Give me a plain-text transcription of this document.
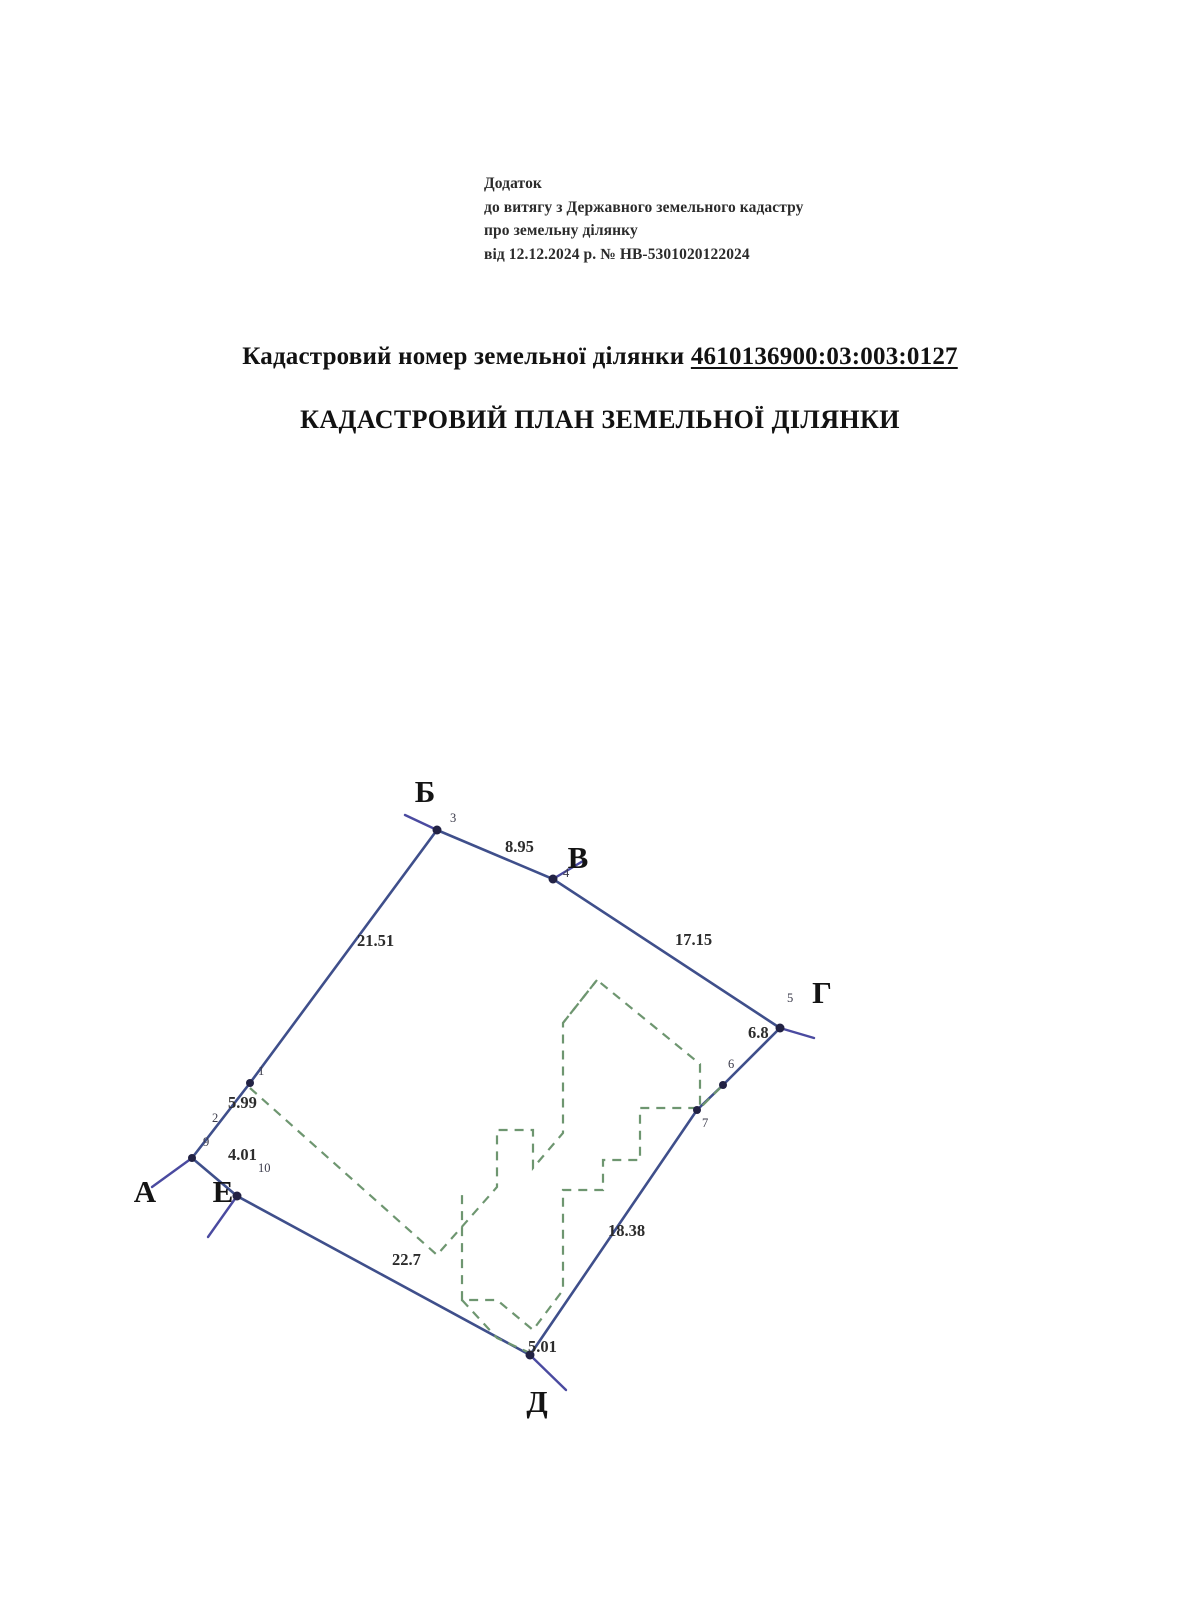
Додаток
до витягу з Державного земельного кадастру
про земельну ділянку
від 12.12.2024 р. № НВ-5301020122024
Кадастровий номер земельної ділянки 4610136900:03:003:0127
КАДАСТРОВИЙ ПЛАН ЗЕМЕЛЬНОЇ ДІЛЯНКИ
Б
В
Г
Д
Е
А
3
4
5
10
9
1
2
6
7
8.95
17.15
6.8
18.38
5.01
22.7
4.01
5.99
21.51
